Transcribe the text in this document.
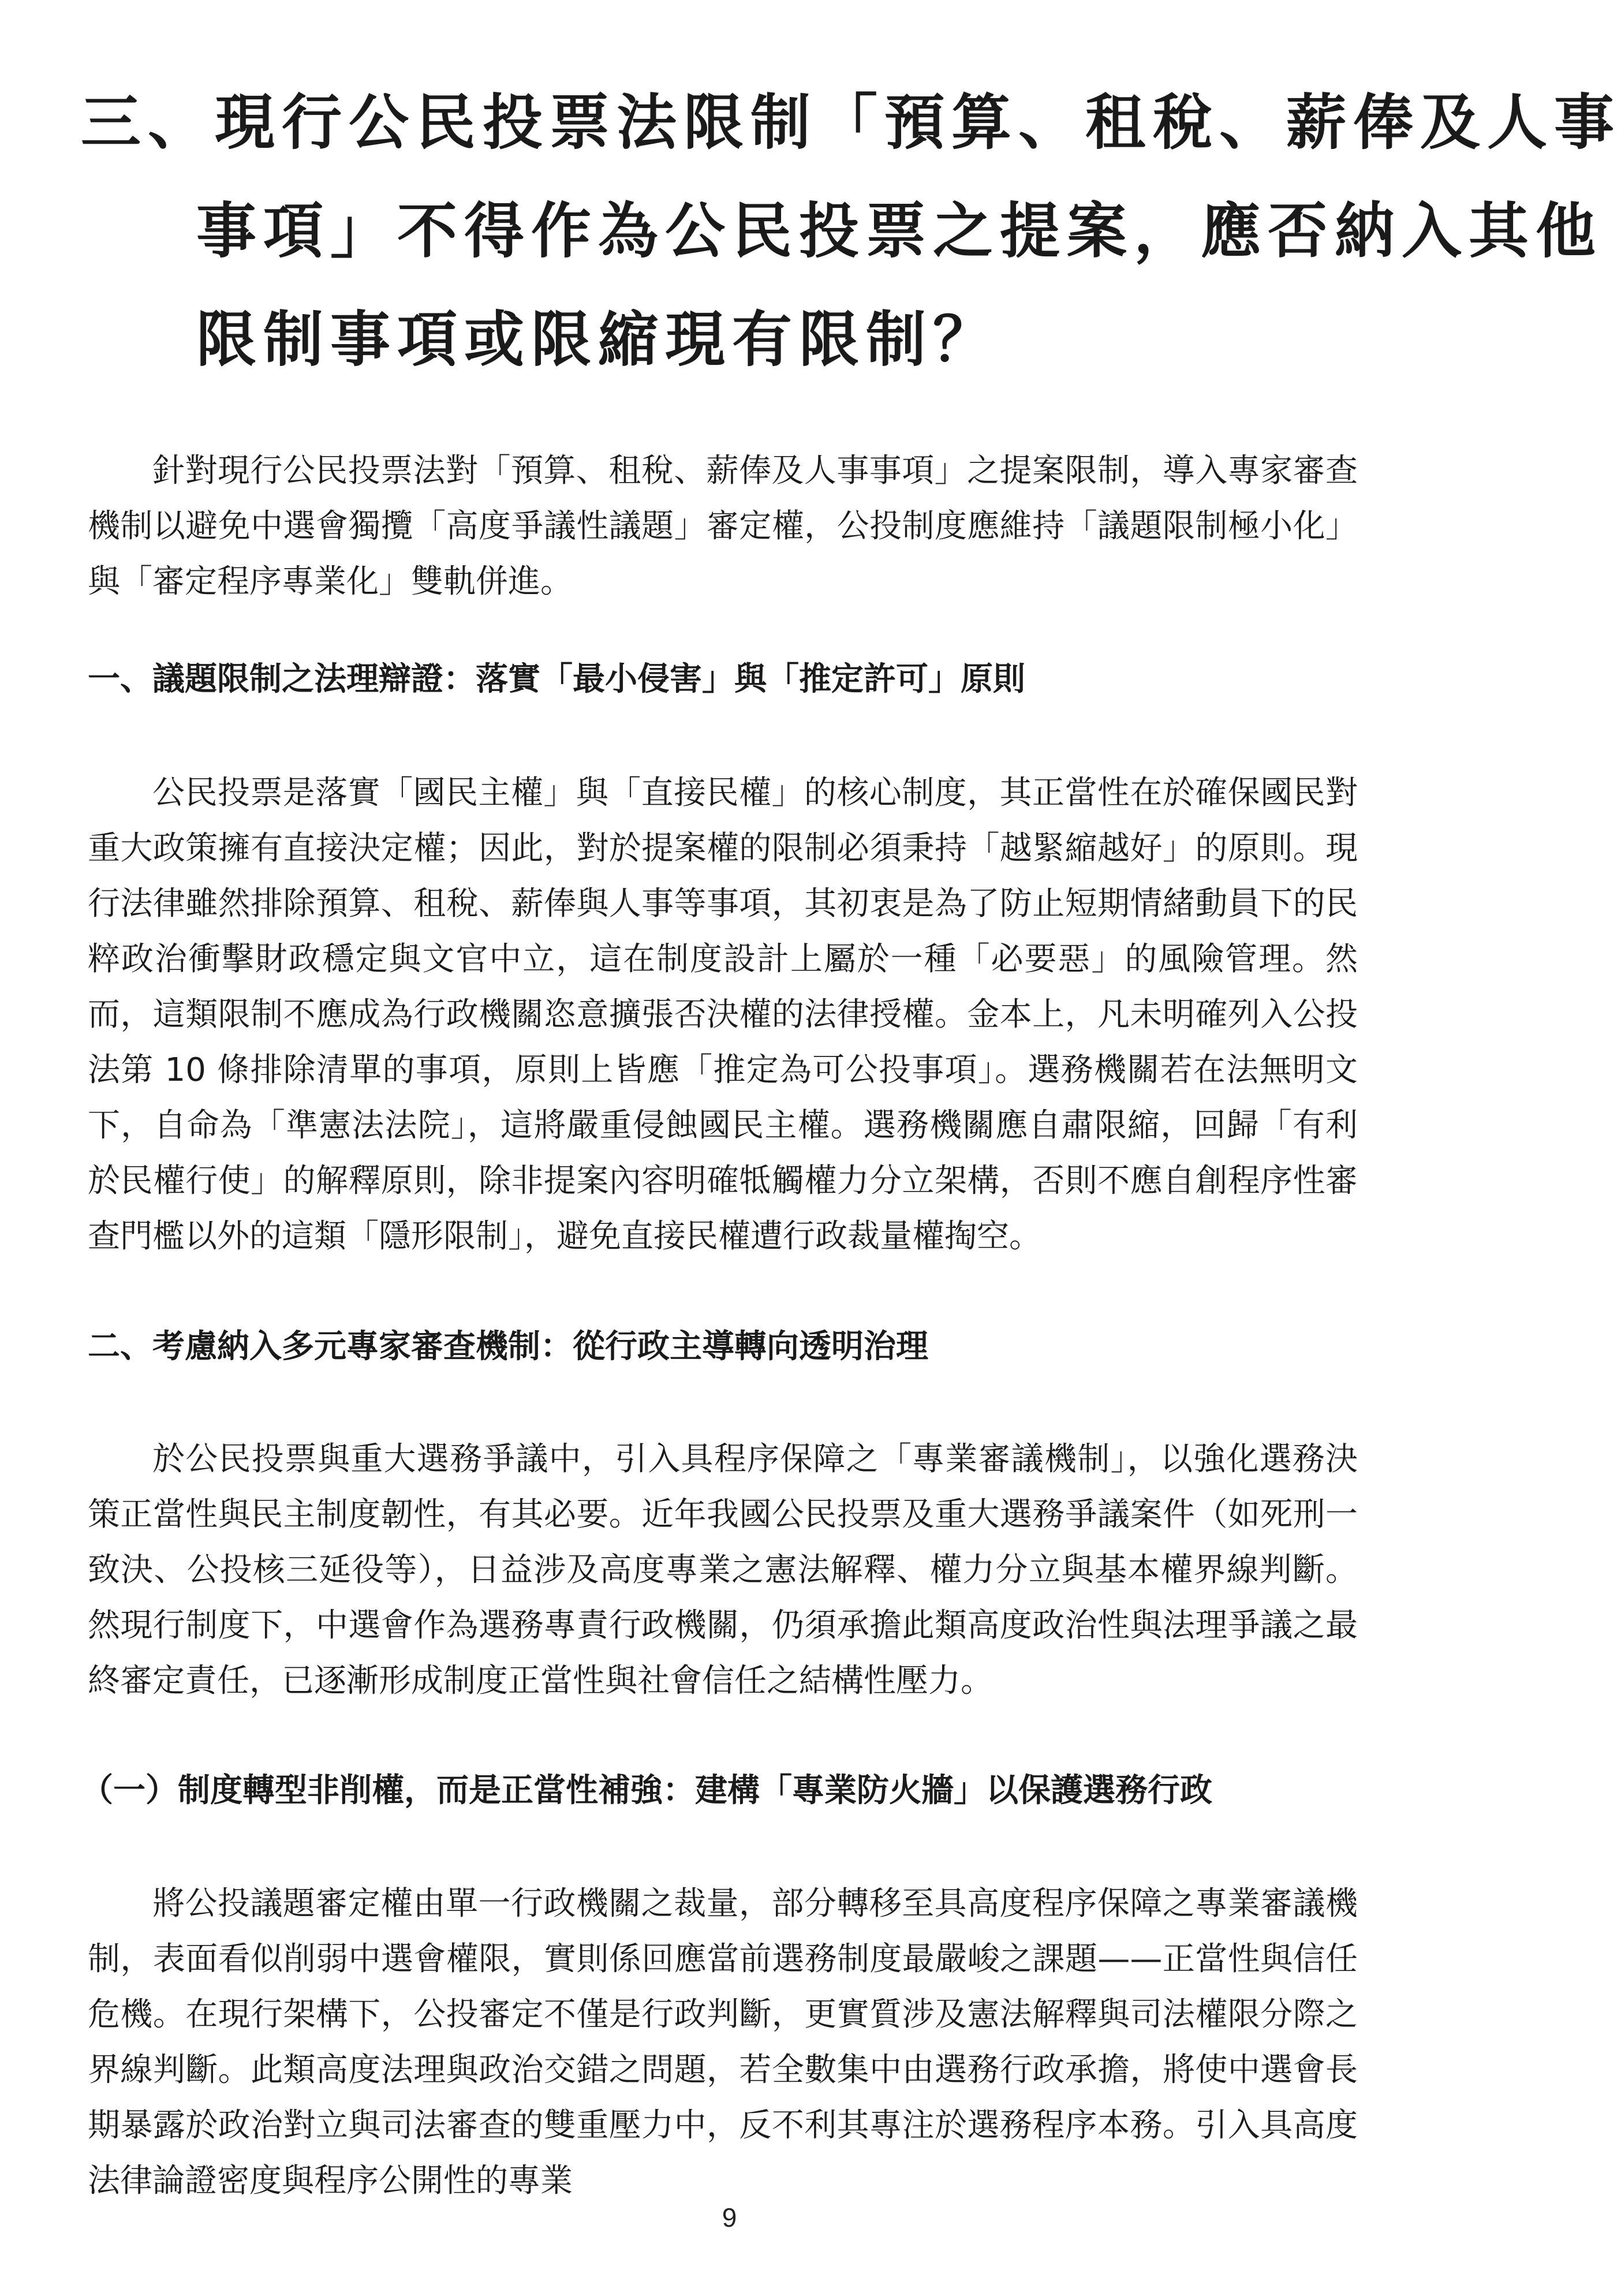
三、現行公民投票法限制「預算、租稅、薪俸及人事
事項」不得作為公民投票之提案，應否納入其他
限制事項或限縮現有限制？

針對現行公民投票法對「預算、租稅、薪俸及人事事項」之提案限制，導入專家審查機制以避免中選會獨攬「高度爭議性議題」審定權，公投制度應維持「議題限制極小化」與「審定程序專業化」雙軌併進。

一、議題限制之法理辯證：落實「最小侵害」與「推定許可」原則

公民投票是落實「國民主權」與「直接民權」的核心制度，其正當性在於確保國民對重大政策擁有直接決定權；因此，對於提案權的限制必須秉持「越緊縮越好」的原則。現行法律雖然排除預算、租稅、薪俸與人事等事項，其初衷是為了防止短期情緒動員下的民粹政治衝擊財政穩定與文官中立，這在制度設計上屬於一種「必要惡」的風險管理。然而，這類限制不應成為行政機關恣意擴張否決權的法律授權。金本上，凡未明確列入公投法第 10 條排除清單的事項，原則上皆應「推定為可公投事項」。選務機關若在法無明文下，自命為「準憲法法院」，這將嚴重侵蝕國民主權。選務機關應自肅限縮，回歸「有利於民權行使」的解釋原則，除非提案內容明確牴觸權力分立架構，否則不應自創程序性審查門檻以外的這類「隱形限制」，避免直接民權遭行政裁量權掏空。

二、考慮納入多元專家審查機制：從行政主導轉向透明治理

於公民投票與重大選務爭議中，引入具程序保障之「專業審議機制」，以強化選務決策正當性與民主制度韌性，有其必要。近年我國公民投票及重大選務爭議案件（如死刑一致決、公投核三延役等），日益涉及高度專業之憲法解釋、權力分立與基本權界線判斷。然現行制度下，中選會作為選務專責行政機關，仍須承擔此類高度政治性與法理爭議之最終審定責任，已逐漸形成制度正當性與社會信任之結構性壓力。

（一）制度轉型非削權，而是正當性補強：建構「專業防火牆」以保護選務行政

將公投議題審定權由單一行政機關之裁量，部分轉移至具高度程序保障之專業審議機制，表面看似削弱中選會權限，實則係回應當前選務制度最嚴峻之課題——正當性與信任危機。在現行架構下，公投審定不僅是行政判斷，更實質涉及憲法解釋與司法權限分際之界線判斷。此類高度法理與政治交錯之問題，若全數集中由選務行政承擔，將使中選會長期暴露於政治對立與司法審查的雙重壓力中，反不利其專注於選務程序本務。引入具高度法律論證密度與程序公開性的專業

9
